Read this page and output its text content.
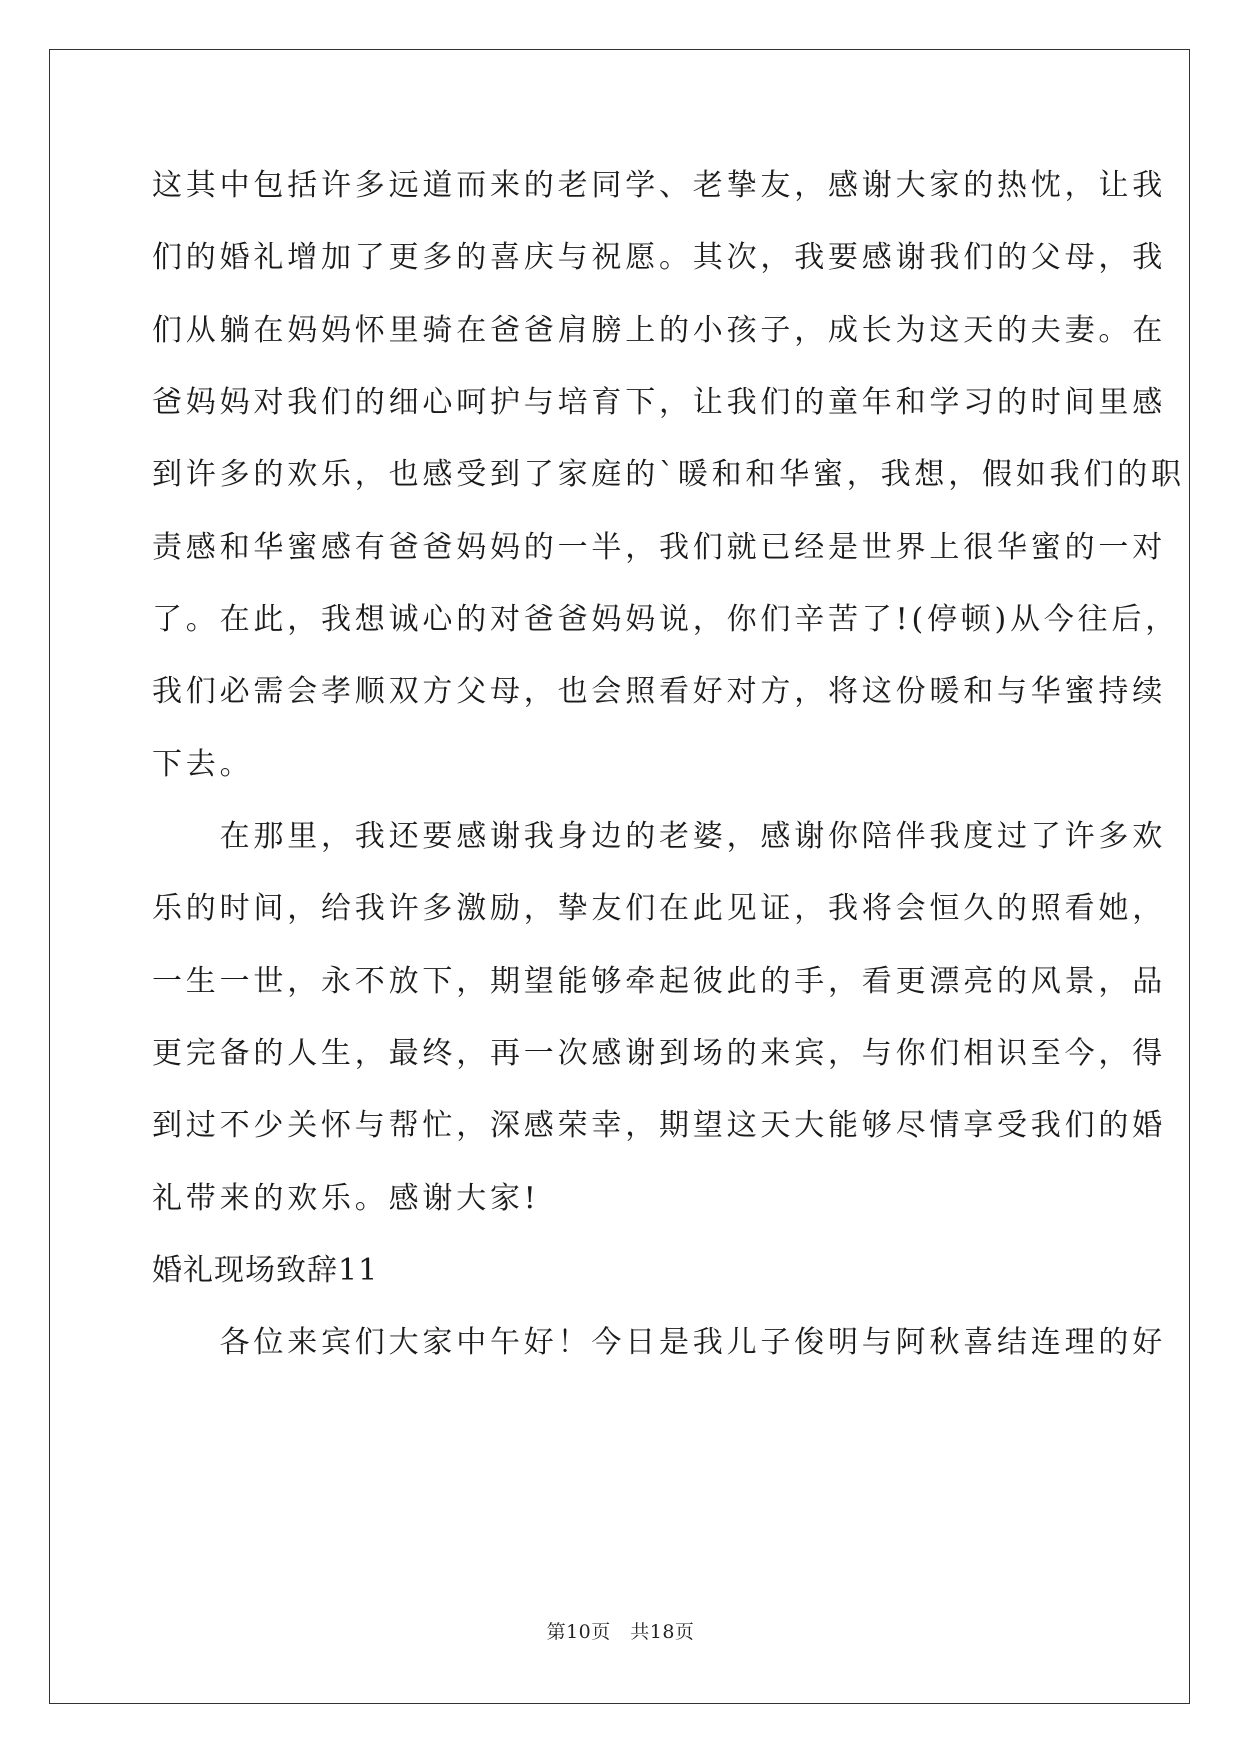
这其中包括许多远道而来的老同学、老挚友，感谢大家的热忱，让我
们的婚礼增加了更多的喜庆与祝愿。其次，我要感谢我们的父母，我
们从躺在妈妈怀里骑在爸爸肩膀上的小孩子，成长为这天的夫妻。在
爸妈妈对我们的细心呵护与培育下，让我们的童年和学习的时间里感
到许多的欢乐，也感受到了家庭的`暖和和华蜜，我想，假如我们的职
责感和华蜜感有爸爸妈妈的一半，我们就已经是世界上很华蜜的一对
了。在此，我想诚心的对爸爸妈妈说，你们辛苦了!(停顿)从今往后，
我们必需会孝顺双方父母，也会照看好对方，将这份暖和与华蜜持续
下去。
　　在那里，我还要感谢我身边的老婆，感谢你陪伴我度过了许多欢
乐的时间，给我许多激励，挚友们在此见证，我将会恒久的照看她，
一生一世，永不放下，期望能够牵起彼此的手，看更漂亮的风景，品
更完备的人生，最终，再一次感谢到场的来宾，与你们相识至今，得
到过不少关怀与帮忙，深感荣幸，期望这天大能够尽情享受我们的婚
礼带来的欢乐。感谢大家!
婚礼现场致辞11
　　各位来宾们大家中午好！今日是我儿子俊明与阿秋喜结连理的好
第10页　共18页
